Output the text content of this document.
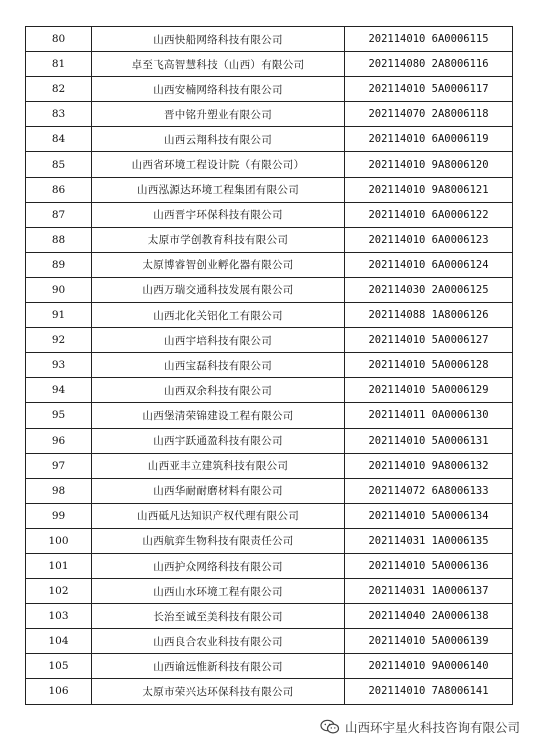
80	山西快船网络科技有限公司	202114010 6A0006115
81	卓至飞高智慧科技（山西）有限公司	202114080 2A8006116
82	山西安楠网络科技有限公司	202114010 5A0006117
83	晋中铭升塑业有限公司	202114070 2A8006118
84	山西云翔科技有限公司	202114010 6A0006119
85	山西省环境工程设计院（有限公司）	202114010 9A8006120
86	山西泓源达环境工程集团有限公司	202114010 9A8006121
87	山西晋宇环保科技有限公司	202114010 6A0006122
88	太原市学创教育科技有限公司	202114010 6A0006123
89	太原博睿智创业孵化器有限公司	202114010 6A0006124
90	山西万瑞交通科技发展有限公司	202114030 2A0006125
91	山西北化关铝化工有限公司	202114088 1A8006126
92	山西宇培科技有限公司	202114010 5A0006127
93	山西宝磊科技有限公司	202114010 5A0006128
94	山西双余科技有限公司	202114010 5A0006129
95	山西堡清荣锦建设工程有限公司	202114011 0A0006130
96	山西宇跃通盈科技有限公司	202114010 5A0006131
97	山西亚丰立建筑科技有限公司	202114010 9A8006132
98	山西华耐耐磨材料有限公司	202114072 6A8006133
99	山西砥凡达知识产权代理有限公司	202114010 5A0006134
100	山西航弈生物科技有限责任公司	202114031 1A0006135
101	山西护众网络科技有限公司	202114010 5A0006136
102	山西山水环境工程有限公司	202114031 1A0006137
103	长治至诚至美科技有限公司	202114040 2A0006138
104	山西良合农业科技有限公司	202114010 5A0006139
105	山西谕远惟新科技有限公司	202114010 9A0006140
106	太原市荣兴达环保科技有限公司	202114010 7A8006141
山西环宇星火科技咨询有限公司
